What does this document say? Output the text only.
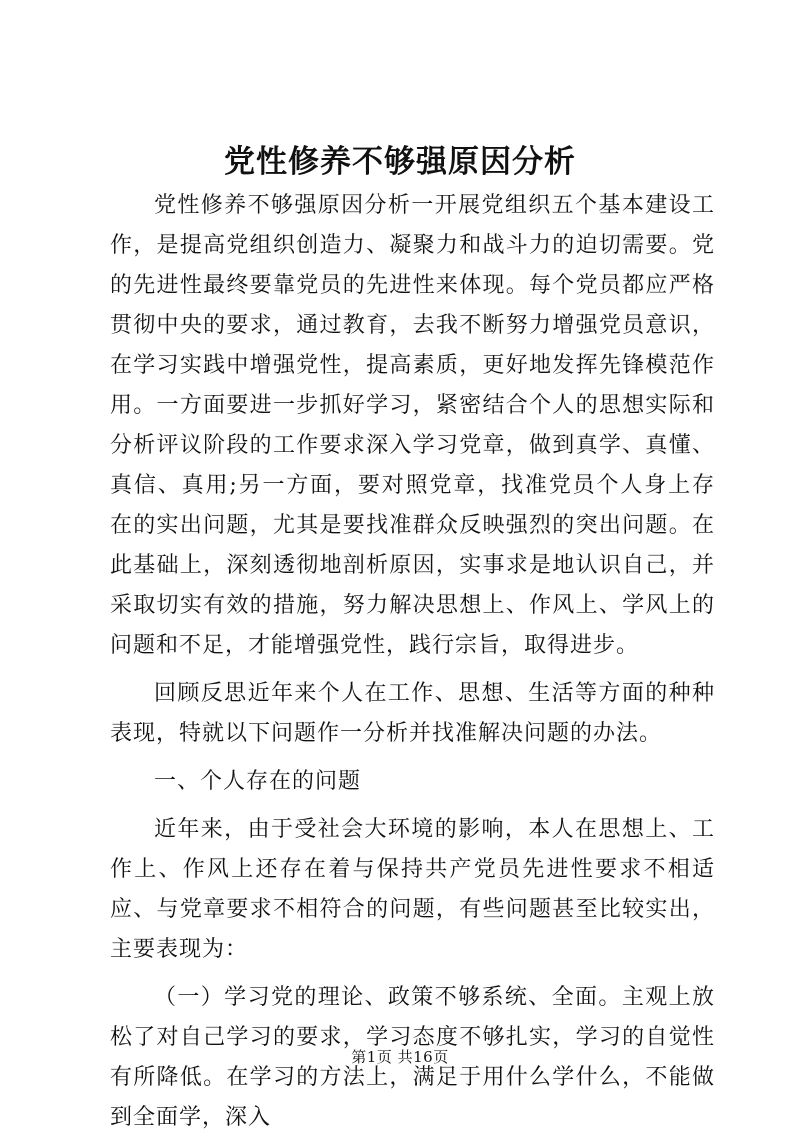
党性修养不够强原因分析

党性修养不够强原因分析一开展党组织五个基本建设工作，是提高党组织创造力、凝聚力和战斗力的迫切需要。党的先进性最终要靠党员的先进性来体现。每个党员都应严格贯彻中央的要求，通过教育，去我不断努力增强党员意识，在学习实践中增强党性，提高素质，更好地发挥先锋模范作用。一方面要进一步抓好学习，紧密结合个人的思想实际和分析评议阶段的工作要求深入学习党章，做到真学、真懂、真信、真用;另一方面，要对照党章，找准党员个人身上存在的实出问题，尤其是要找准群众反映强烈的突出问题。在此基础上，深刻透彻地剖析原因，实事求是地认识自己，并采取切实有效的措施，努力解决思想上、作风上、学风上的问题和不足，才能增强党性，践行宗旨，取得进步。

回顾反思近年来个人在工作、思想、生活等方面的种种表现，特就以下问题作一分析并找准解决问题的办法。

一、个人存在的问题

近年来，由于受社会大环境的影响，本人在思想上、工作上、作风上还存在着与保持共产党员先进性要求不相适应、与党章要求不相符合的问题，有些问题甚至比较实出，主要表现为：

（一）学习党的理论、政策不够系统、全面。主观上放松了对自己学习的要求，学习态度不够扎实，学习的自觉性有所降低。在学习的方法上，满足于用什么学什么，不能做到全面学，深入

第1页 共16页
